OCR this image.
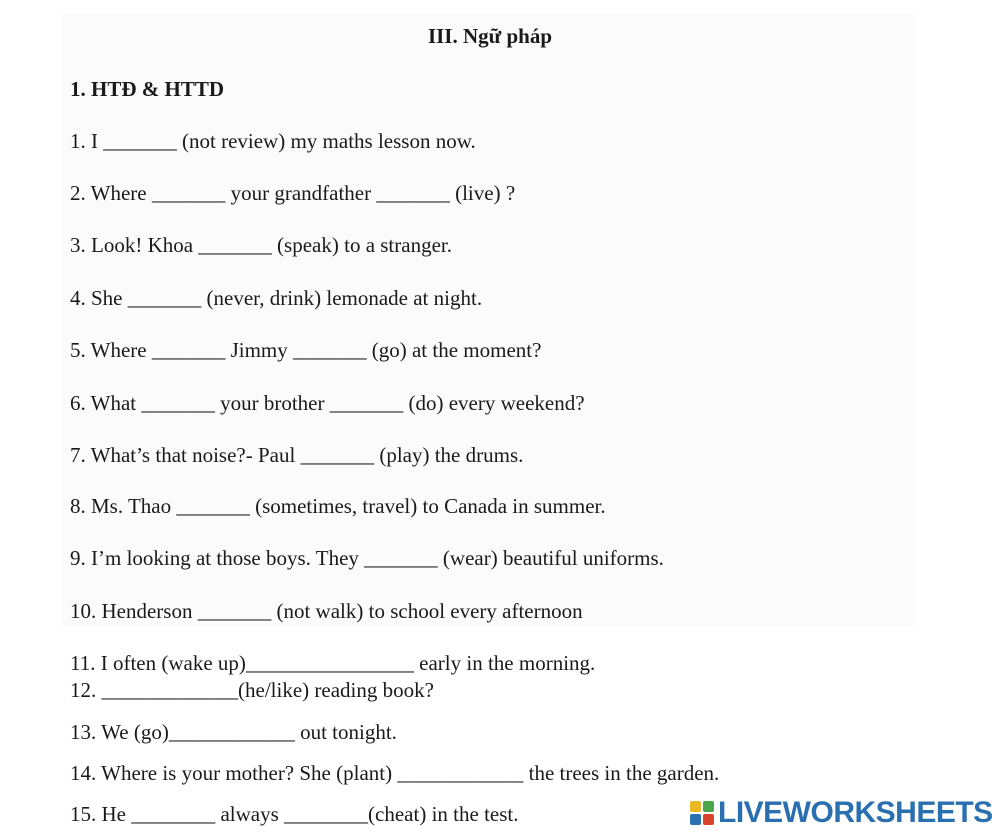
III. Ngữ pháp
1. HTĐ & HTTD
1. I _______ (not review) my maths lesson now.
2. Where _______ your grandfather _______ (live) ?
3. Look! Khoa _______ (speak) to a stranger.
4. She _______ (never, drink) lemonade at night.
5. Where _______ Jimmy _______ (go) at the moment?
6. What _______ your brother _______ (do) every weekend?
7. What’s that noise?- Paul _______ (play) the drums.
8. Ms. Thao _______ (sometimes, travel) to Canada in summer.
9. I’m looking at those boys. They _______ (wear) beautiful uniforms.
10. Henderson _______ (not walk) to school every afternoon
11. I often (wake up)________________ early in the morning.
12. _____________(he/like) reading book?
13. We (go)____________ out tonight.
14. Where is your mother? She (plant) ____________ the trees in the garden.
15. He ________ always ________(cheat) in the test.	LIVEWORKSHEETS
